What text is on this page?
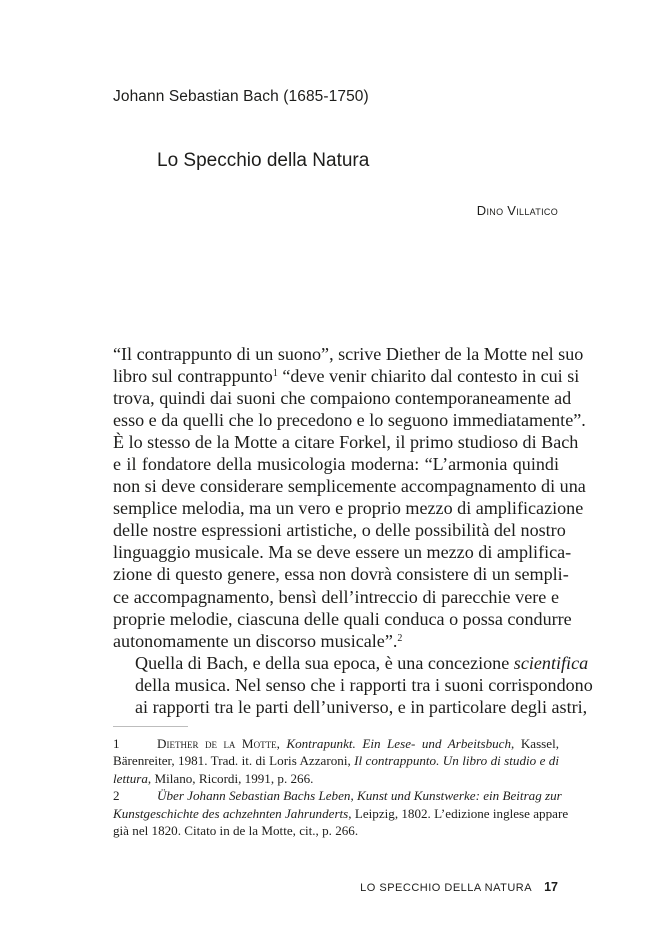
Johann Sebastian Bach (1685-1750)
Lo Specchio della Natura
Dino Villatico

“Il contrappunto di un suono”, scrive Diether de la Motte nel suo
libro sul contrappunto$^1$ “deve venir chiarito dal contesto in cui si
trova, quindi dai suoni che compaiono contemporaneamente ad
esso e da quelli che lo precedono e lo seguono immediatamente”.
È lo stesso de la Motte a citare Forkel, il primo studioso di Bach
e il fondatore della musicologia moderna: “L’armonia quindi
non si deve considerare semplicemente accompagnamento di una
semplice melodia, ma un vero e proprio mezzo di amplificazione
delle nostre espressioni artistiche, o delle possibilità del nostro
linguaggio musicale. Ma se deve essere un mezzo di amplifica-
zione di questo genere, essa non dovrà consistere di un sempli-
ce accompagnamento, bensì dell’intreccio di parecchie vere e
proprie melodie, ciascuna delle quali conduca o possa condurre
autonomamente un discorso musicale”.$^2$

Quella di Bach, e della sua epoca, è una concezione scientifica
della musica. Nel senso che i rapporti tra i suoni corrispondono
ai rapporti tra le parti dell’universo, e in particolare degli astri,

1	Diether de la Motte, Kontrapunkt. Ein Lese- und Arbeitsbuch, Kassel,
Bärenreiter, 1981. Trad. it. di Loris Azzaroni, Il contrappunto. Un libro di studio e di
lettura, Milano, Ricordi, 1991, p. 266.

2	Über Johann Sebastian Bachs Leben, Kunst und Kunstwerke: ein Beitrag zur
Kunstgeschichte des achzehnten Jahrunderts, Leipzig, 1802. L’edizione inglese appare
già nel 1820. Citato in de la Motte, cit., p. 266.

LO SPECCHIO DELLA NATURA 17
